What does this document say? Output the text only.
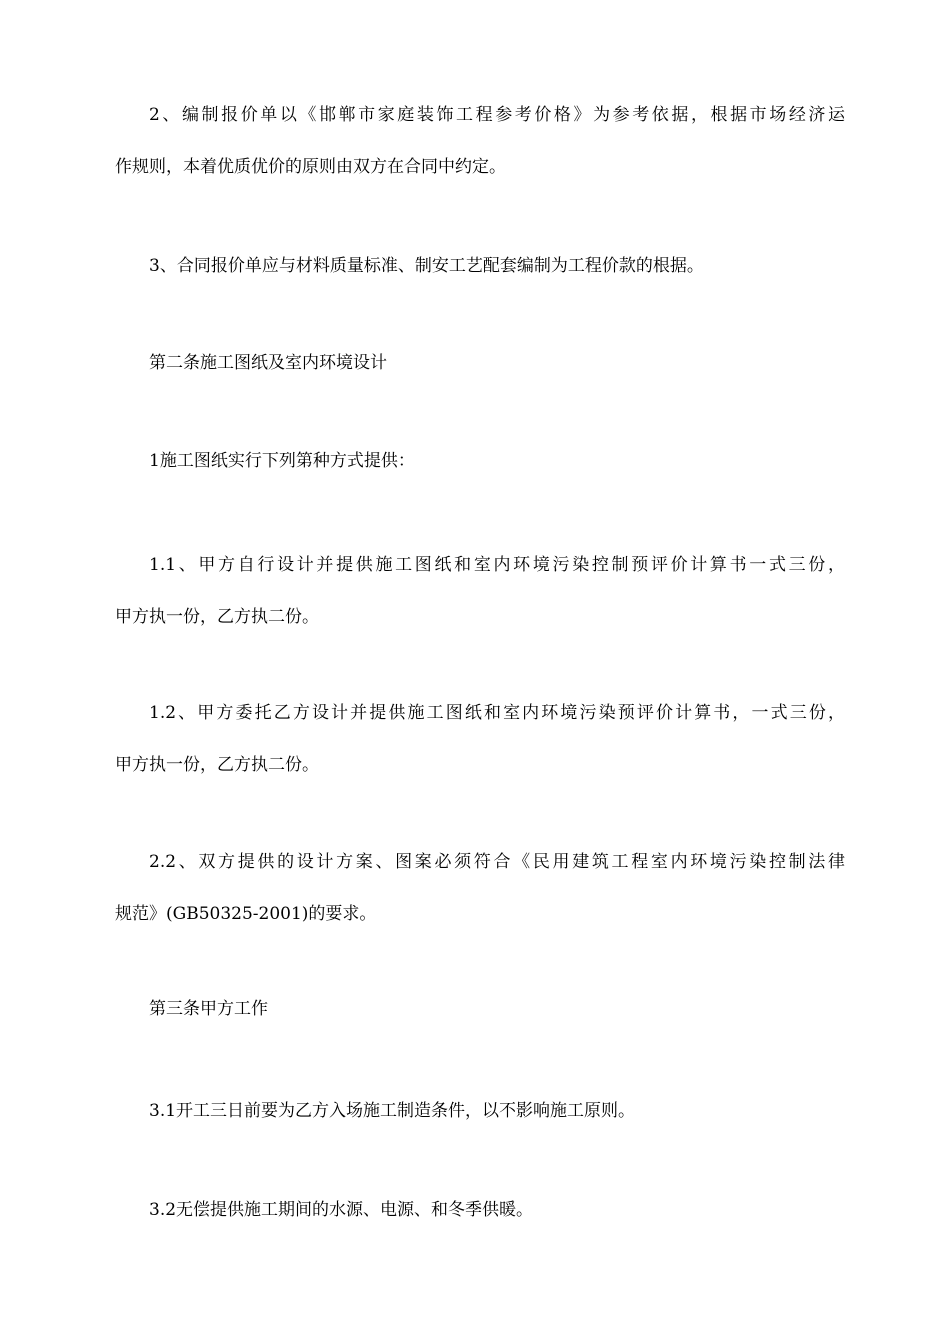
2、编制报价单以《邯郸市家庭装饰工程参考价格》为参考依据，根据市场经济运
作规则，本着优质优价的原则由双方在合同中约定。

3、合同报价单应与材料质量标准、制安工艺配套编制为工程价款的根据。

第二条施工图纸及室内环境设计

1施工图纸实行下列第种方式提供：

1.1、甲方自行设计并提供施工图纸和室内环境污染控制预评价计算书一式三份，
甲方执一份，乙方执二份。

1.2、甲方委托乙方设计并提供施工图纸和室内环境污染预评价计算书，一式三份，
甲方执一份，乙方执二份。

2.2、双方提供的设计方案、图案必须符合《民用建筑工程室内环境污染控制法律
规范》(GB50325-2001)的要求。

第三条甲方工作

3.1开工三日前要为乙方入场施工制造条件，以不影响施工原则。

3.2无偿提供施工期间的水源、电源、和冬季供暖。
